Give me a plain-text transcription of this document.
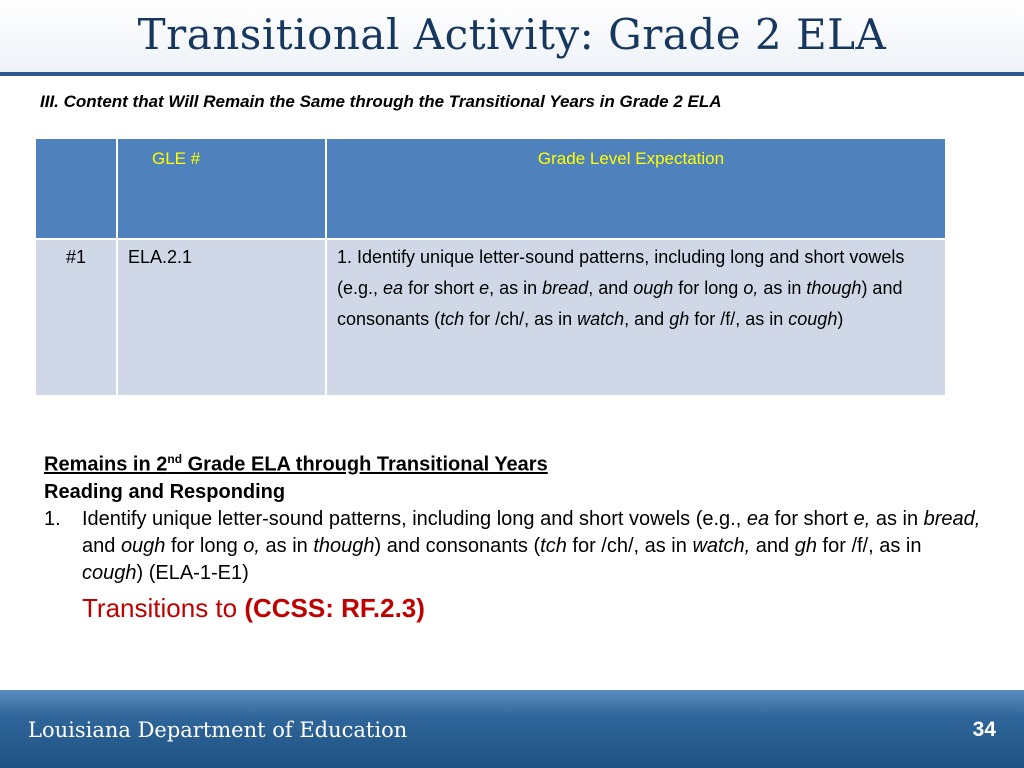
Transitional Activity: Grade 2 ELA
III. Content that Will Remain the Same through the Transitional Years in Grade 2 ELA
	GLE #	Grade Level Expectation
#1	ELA.2.1	1. Identify unique letter-sound patterns, including long and short vowels (e.g., ea for short e, as in bread, and ough for long o, as in though) and consonants (tch for /ch/, as in watch, and gh for /f/, as in cough)
Remains in 2nd Grade ELA through Transitional Years
Reading and Responding
1. Identify unique letter-sound patterns, including long and short vowels (e.g., ea for short e, as in bread, and ough for long o, as in though) and consonants (tch for /ch/, as in watch, and gh for /f/, as in cough) (ELA-1-E1)
Transitions to (CCSS: RF.2.3)
Louisiana Department of Education	34
